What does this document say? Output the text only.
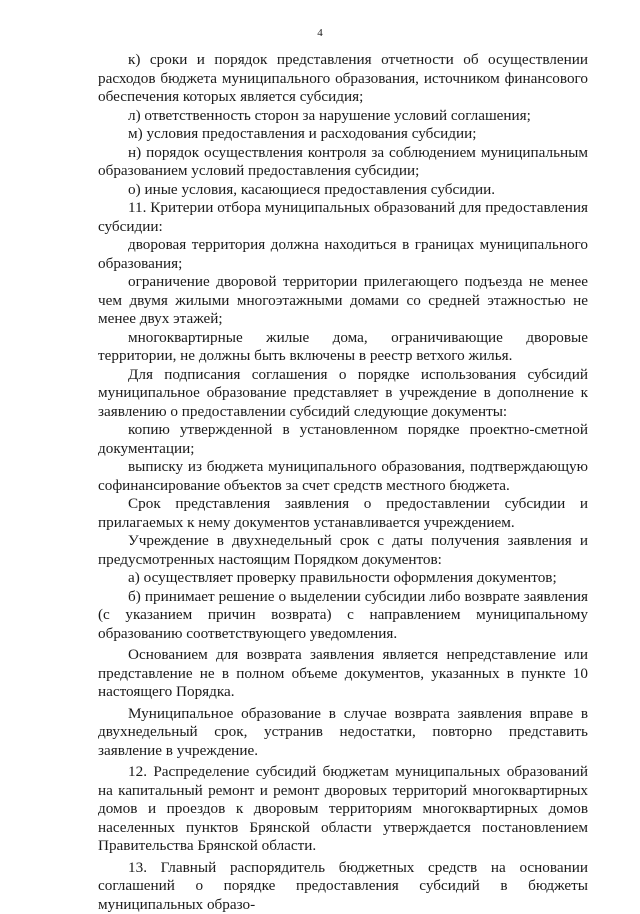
4

к) сроки и порядок представления отчетности об осуществлении расходов бюджета муниципального образования, источником финансового обеспечения которых является субсидия;

л) ответственность сторон за нарушение условий соглашения;

м) условия предоставления и расходования субсидии;

н) порядок осуществления контроля за соблюдением муниципальным образованием условий предоставления субсидии;

о) иные условия, касающиеся предоставления субсидии.

11. Критерии отбора муниципальных образований для предоставления субсидии:

дворовая территория должна находиться в границах муниципального образования;

ограничение дворовой территории прилегающего подъезда не менее чем двумя жилыми многоэтажными домами со средней этажностью не менее двух этажей;

многоквартирные жилые дома, ограничивающие дворовые территории, не должны быть включены в реестр ветхого жилья.

Для подписания соглашения о порядке использования субсидий муниципальное образование представляет в учреждение в дополнение к заявлению о предоставлении субсидий следующие документы:

копию утвержденной в установленном порядке проектно-сметной документации;

выписку из бюджета муниципального образования, подтверждающую софинансирование объектов за счет средств местного бюджета.

Срок представления заявления о предоставлении субсидии и прилагаемых к нему документов устанавливается учреждением.

Учреждение в двухнедельный срок с даты получения заявления и предусмотренных настоящим Порядком документов:

а) осуществляет проверку правильности оформления документов;

б) принимает решение о выделении субсидии либо возврате заявления (с указанием причин возврата) с направлением муниципальному образованию соответствующего уведомления.

Основанием для возврата заявления является непредставление или представление не в полном объеме документов, указанных в пункте 10 настоящего Порядка.

Муниципальное образование в случае возврата заявления вправе в двухнедельный срок, устранив недостатки, повторно представить заявление в учреждение.

12. Распределение субсидий бюджетам муниципальных образований на капитальный ремонт и ремонт дворовых территорий многоквартирных домов и проездов к дворовым территориям многоквартирных домов населенных пунктов Брянской области утверждается постановлением Правительства Брянской области.

13. Главный распорядитель бюджетных средств на основании соглашений о порядке предоставления субсидий в бюджеты муниципальных образо-
